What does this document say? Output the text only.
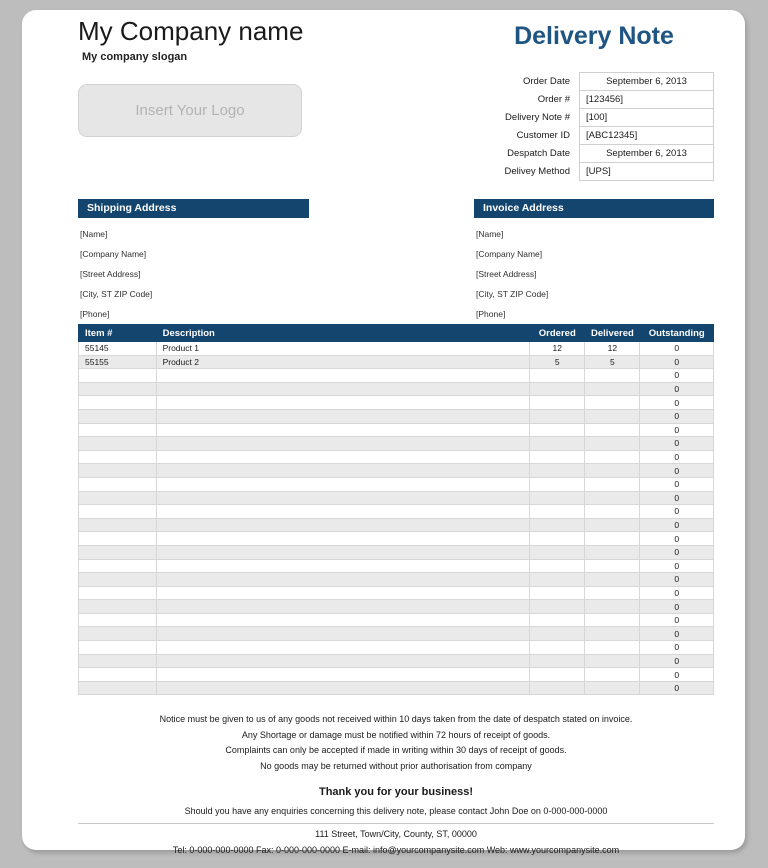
My Company name
My company slogan
Insert Your Logo
Delivery Note
Order Date	September 6, 2013
Order #	[123456]
Delivery Note #	[100]
Customer ID	[ABC12345]
Despatch Date	September 6, 2013
Delivey Method	[UPS]
Shipping Address
[Name]
[Company Name]
[Street Address]
[City, ST ZIP Code]
[Phone]
Invoice Address
[Name]
[Company Name]
[Street Address]
[City, ST ZIP Code]
[Phone]
Item #	Description	Ordered	Delivered	Outstanding
55145	Product 1	12	12	0
55155	Product 2	5	5	0
				0
				0
				0
				0
				0
				0
				0
				0
				0
				0
				0
				0
				0
				0
				0
				0
				0
				0
				0
				0
				0
				0
				0
				0
Notice must be given to us of any goods not received within 10 days taken from the date of despatch stated on invoice.
Any Shortage or damage must be notified within 72 hours of receipt of goods.
Complaints can only be accepted if made in writing within 30 days of receipt of goods.
No goods may be returned without prior authorisation from company
Thank you for your business!
Should you have any enquiries concerning this delivery note, please contact John Doe on 0-000-000-0000
111 Street, Town/City, County, ST, 00000
Tel: 0-000-000-0000 Fax: 0-000-000-0000 E-mail: info@yourcompanysite.com Web: www.yourcompanysite.com
